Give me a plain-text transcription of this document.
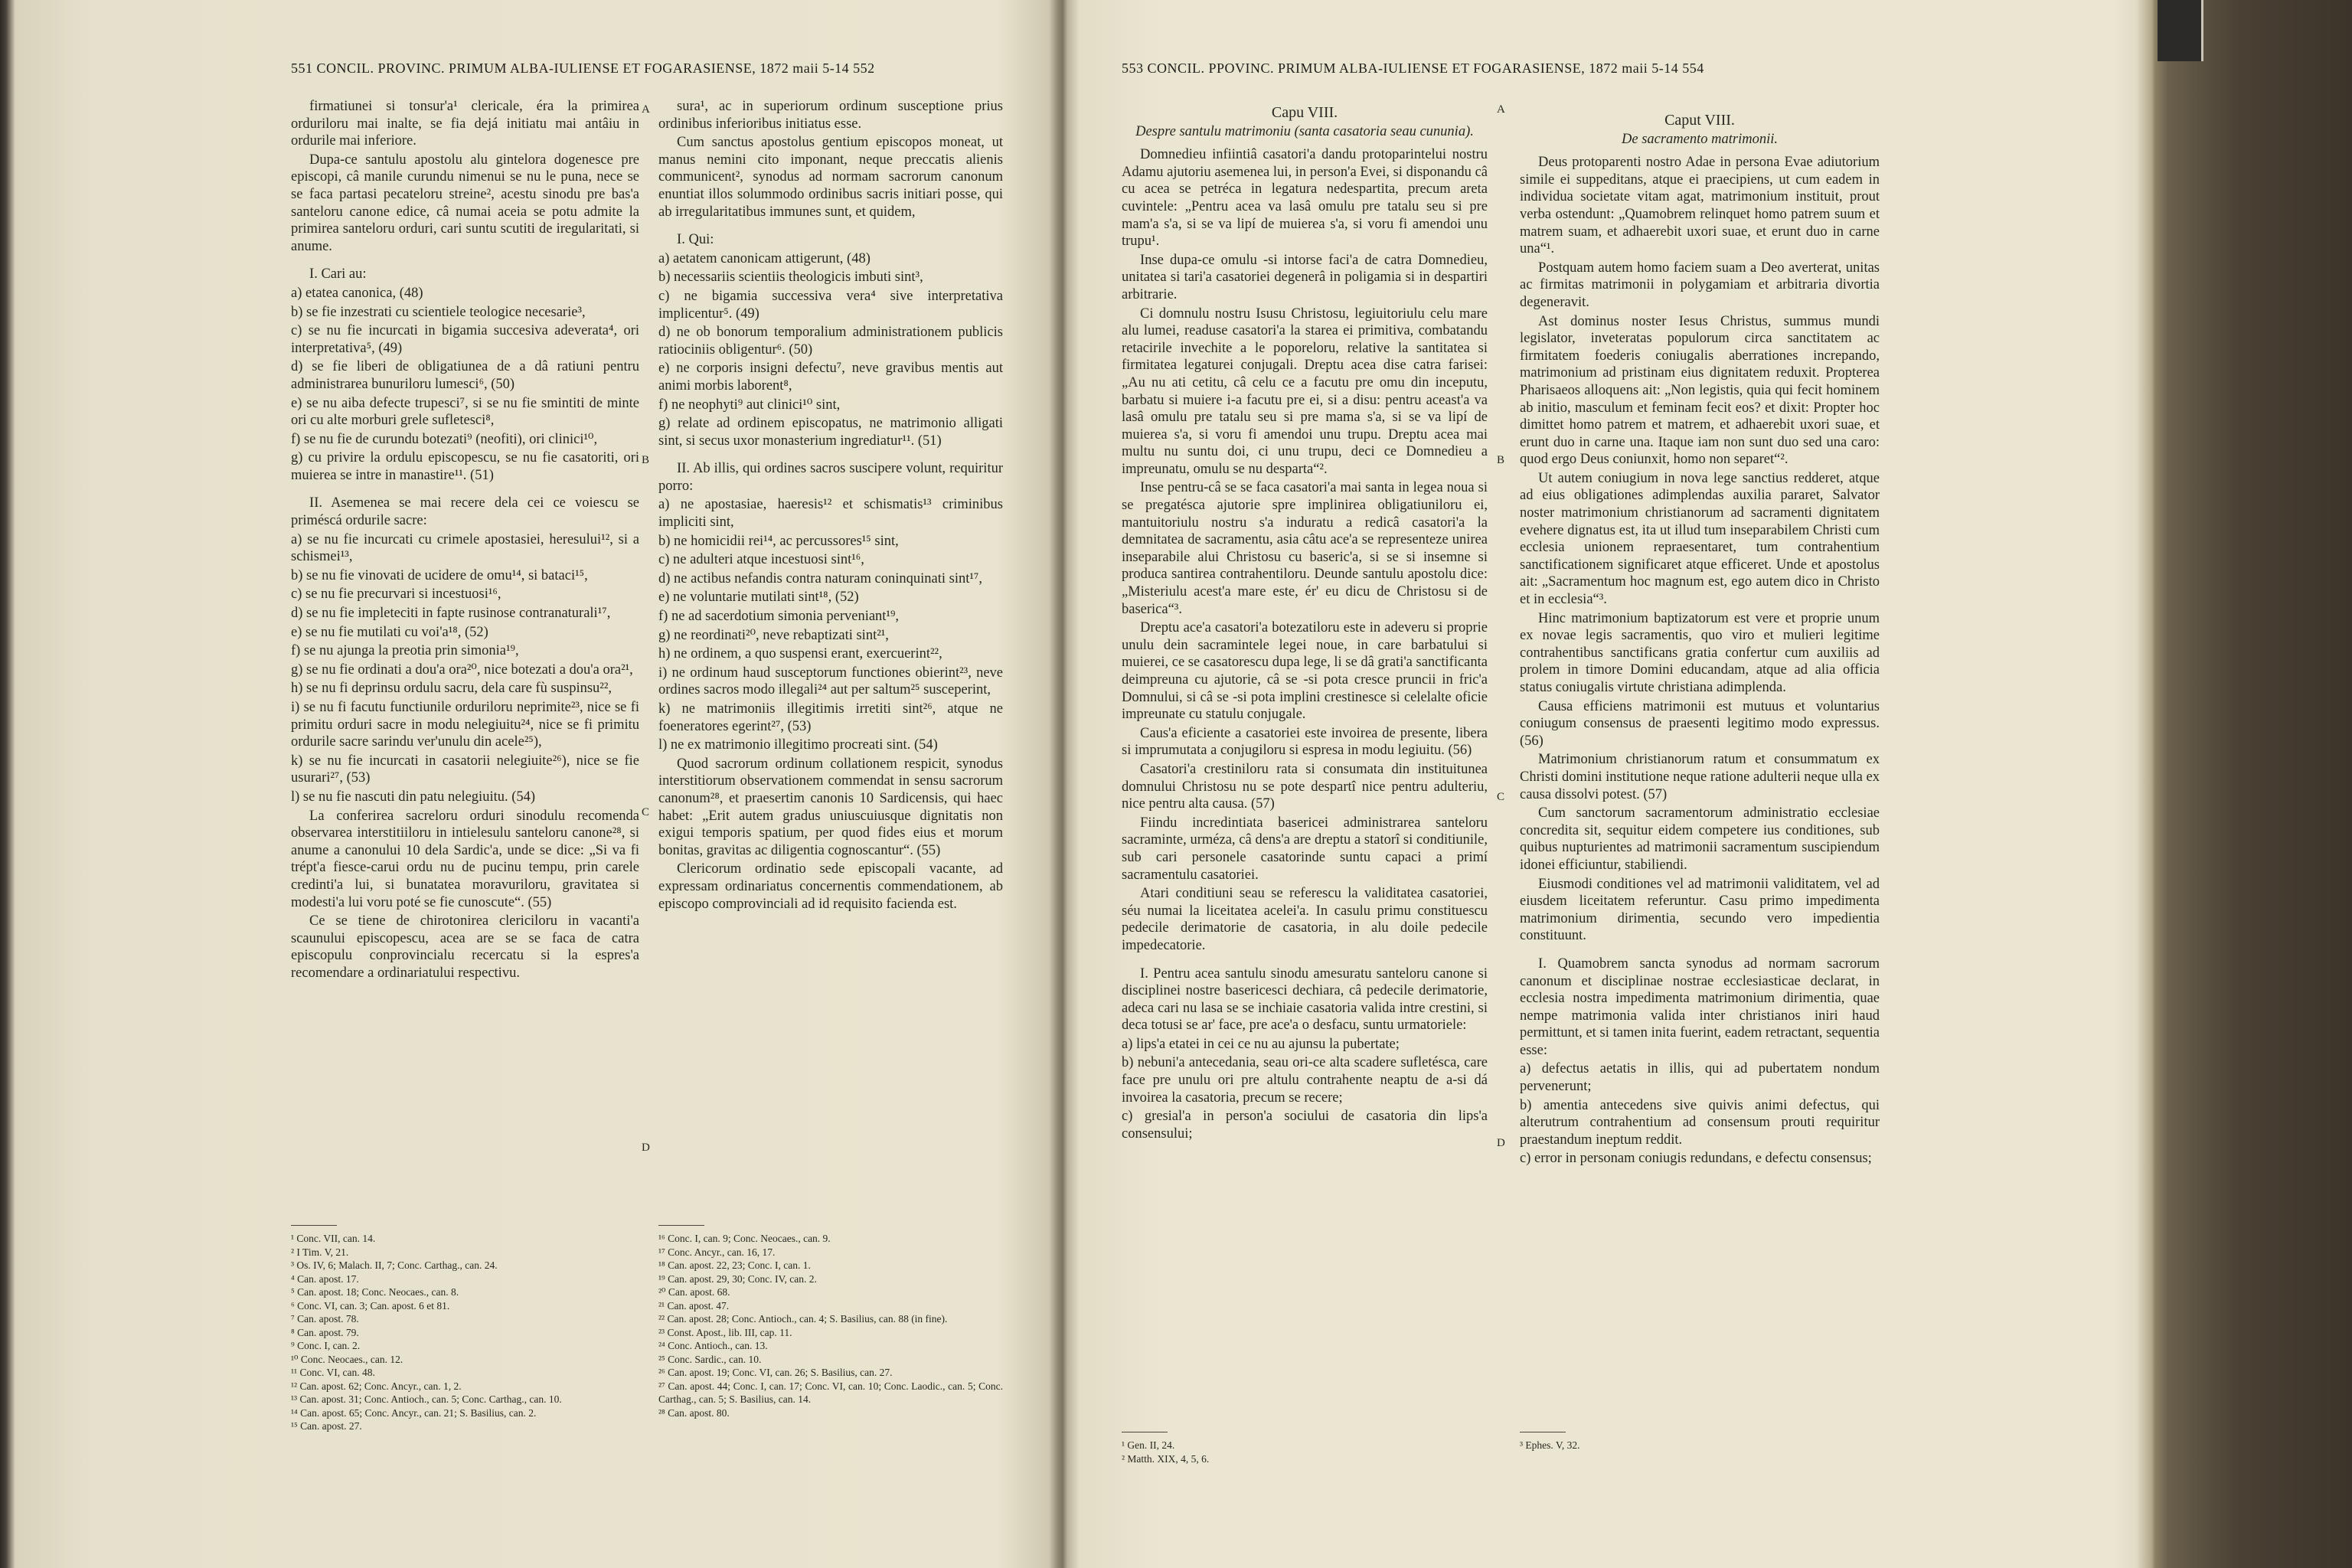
551 CONCIL. PROVINC. PRIMUM ALBA-IULIENSE ET FOGARASIENSE, 1872 maii 5-14 552

firmatiunei si tonsur'a¹ clericale, éra la primirea orduriloru mai inalte, se fia dejá initiatu mai antâiu in ordurile mai inferiore.

Dupa-ce santulu apostolu alu gintelora dogenesce pre episcopi, câ manile curundu nimenui se nu le puna, nece se se faca partasi pecateloru streine², acestu sinodu pre bas'a santeloru canone edice, câ numai aceia se potu admite la primirea santeloru orduri, cari suntu scutiti de iregularitati, si anume.

I. Cari au:

a) etatea canonica, (48)

b) se fie inzestrati cu scientiele teologice necesarie³,

c) se nu fie incurcati in bigamia succesiva adeverata⁴, ori interpretativa⁵, (49)

d) se fie liberi de obligatiunea de a dâ ratiuni pentru administrarea bunuriloru lumesci⁶, (50)

e) se nu aiba defecte trupesci⁷, si se nu fie smintiti de minte ori cu alte morburi grele sufletesci⁸,

f) se nu fie de curundu botezati⁹ (neofiti), ori clinici¹⁰,

g) cu privire la ordulu episcopescu, se nu fie casatoriti, ori muierea se intre in manastire¹¹. (51)

II. Asemenea se mai recere dela cei ce voiescu se priméscá ordurile sacre:

a) se nu fie incurcati cu crimele apostasiei, heresului¹², si a schismei¹³,

b) se nu fie vinovati de ucidere de omu¹⁴, si bataci¹⁵,

c) se nu fie precurvari si incestuosi¹⁶,

d) se nu fie impleteciti in fapte rusinose contranaturali¹⁷,

e) se nu fie mutilati cu voi'a¹⁸, (52)

f) se nu ajunga la preotia prin simonia¹⁹,

g) se nu fie ordinati a dou'a ora²⁰, nice botezati a dou'a ora²¹,

h) se nu fi deprinsu ordulu sacru, dela care fù suspinsu²²,

i) se nu fi facutu functiunile orduriloru neprimite²³, nice se fi primitu orduri sacre in modu nelegiuitu²⁴, nice se fi primitu ordurile sacre sarindu ver'unulu din acele²⁵),

k) se nu fie incurcati in casatorii nelegiuite²⁶), nice se fie usurari²⁷, (53)

l) se nu fie nascuti din patu nelegiuitu. (54)

La conferirea sacreloru orduri sinodulu recomenda observarea interstitiiloru in intielesulu santeloru canone²⁸, si anume a canonului 10 dela Sardic'a, unde se dice: „Si va fi trépt'a fiesce-carui ordu nu de pucinu tempu, prin carele credinti'a lui, si bunatatea moravuriloru, gravitatea si modesti'a lui voru poté se fie cunoscute“. (55)

Ce se tiene de chirotonirea clericiloru in vacanti'a scaunului episcopescu, acea are se se faca de catra episcopulu conprovincialu recercatu si la espres'a recomendare a ordinariatului respectivu.

sura¹, ac in superiorum ordinum susceptione prius ordinibus inferioribus initiatus esse.

Cum sanctus apostolus gentium episcopos moneat, ut manus nemini cito imponant, neque preccatis alienis communicent², synodus ad normam sacrorum canonum enuntiat illos solummodo ordinibus sacris initiari posse, qui ab irregularitatibus immunes sunt, et quidem,

I. Qui:

a) aetatem canonicam attigerunt, (48)

b) necessariis scientiis theologicis imbuti sint³,

c) ne bigamia successiva vera⁴ sive interpretativa implicentur⁵. (49)

d) ne ob bonorum temporalium administrationem publicis ratiociniis obligentur⁶. (50)

e) ne corporis insigni defectu⁷, neve gravibus mentis aut animi morbis laborent⁸,

f) ne neophyti⁹ aut clinici¹⁰ sint,

g) relate ad ordinem episcopatus, ne matrimonio alligati sint, si secus uxor monasterium ingrediatur¹¹. (51)

II. Ab illis, qui ordines sacros suscipere volunt, requiritur porro:

a) ne apostasiae, haeresis¹² et schismatis¹³ criminibus impliciti sint,

b) ne homicidii rei¹⁴, ac percussores¹⁵ sint,

c) ne adulteri atque incestuosi sint¹⁶,

d) ne actibus nefandis contra naturam coninquinati sint¹⁷,

e) ne voluntarie mutilati sint¹⁸, (52)

f) ne ad sacerdotium simonia perveniant¹⁹,

g) ne reordinati²⁰, neve rebaptizati sint²¹,

h) ne ordinem, a quo suspensi erant, exercuerint²²,

i) ne ordinum haud susceptorum functiones obierint²³, neve ordines sacros modo illegali²⁴ aut per saltum²⁵ susceperint,

k) ne matrimoniis illegitimis irretiti sint²⁶, atque ne foeneratores egerint²⁷, (53)

l) ne ex matrimonio illegitimo procreati sint. (54)

Quod sacrorum ordinum collationem respicit, synodus interstitiorum observationem commendat in sensu sacrorum canonum²⁸, et praesertim canonis 10 Sardicensis, qui haec habet: „Erit autem gradus uniuscuiusque dignitatis non exigui temporis spatium, per quod fides eius et morum bonitas, gravitas ac diligentia cognoscantur“. (55)

Clericorum ordinatio sede episcopali vacante, ad expressam ordinariatus concernentis commendationem, ab episcopo comprovinciali ad id requisito facienda est.

A
B
C
D
¹ Conc. VII, can. 14.
² I Tim. V, 21.
³ Os. IV, 6; Malach. II, 7; Conc. Carthag., can. 24.
⁴ Can. apost. 17.
⁵ Can. apost. 18; Conc. Neocaes., can. 8.
⁶ Conc. VI, can. 3; Can. apost. 6 et 81.
⁷ Can. apost. 78.
⁸ Can. apost. 79.
⁹ Conc. I, can. 2.
¹⁰ Conc. Neocaes., can. 12.
¹¹ Conc. VI, can. 48.
¹² Can. apost. 62; Conc. Ancyr., can. 1, 2.
¹³ Can. apost. 31; Conc. Antioch., can. 5; Conc. Carthag., can. 10.
¹⁴ Can. apost. 65; Conc. Ancyr., can. 21; S. Basilius, can. 2.
¹⁵ Can. apost. 27.
¹⁶ Conc. I, can. 9; Conc. Neocaes., can. 9.
¹⁷ Conc. Ancyr., can. 16, 17.
¹⁸ Can. apost. 22, 23; Conc. I, can. 1.
¹⁹ Can. apost. 29, 30; Conc. IV, can. 2.
²⁰ Can. apost. 68.
²¹ Can. apost. 47.
²² Can. apost. 28; Conc. Antioch., can. 4; S. Basilius, can. 88 (in fine).
²³ Const. Apost., lib. III, cap. 11.
²⁴ Conc. Antioch., can. 13.
²⁵ Conc. Sardic., can. 10.
²⁶ Can. apost. 19; Conc. VI, can. 26; S. Basilius, can. 27.
²⁷ Can. apost. 44; Conc. I, can. 17; Conc. VI, can. 10; Conc. Laodic., can. 5; Conc. Carthag., can. 5; S. Basilius, can. 14.
²⁸ Can. apost. 80.
553 CONCIL. PPOVINC. PRIMUM ALBA-IULIENSE ET FOGARASIENSE, 1872 maii 5-14 554

Capu VIII.

Despre santulu matrimoniu (santa casatoria seau cununia).

Domnedieu infiintiâ casatori'a dandu protoparintelui nostru Adamu ajutoriu asemenea lui, in person'a Evei, si disponandu câ cu acea se petréca in legatura nedespartita, precum areta cuvintele: „Pentru acea va lasâ omulu pre tatalu seu si pre mam'a s'a, si se va lipí de muierea s'a, si voru fi amendoi unu trupu¹.

Inse dupa-ce omulu -si intorse faci'a de catra Domnedieu, unitatea si tari'a casatoriei degenerâ in poligamia si in despartiri arbitrarie.

Ci domnulu nostru Isusu Christosu, legiuitoriulu celu mare alu lumei, readuse casatori'a la starea ei primitiva, combatandu retacirile invechite a le poporeloru, relative la santitatea si firmitatea legaturei conjugali. Dreptu acea dise catra farisei: „Au nu ati cetitu, câ celu ce a facutu pre omu din inceputu, barbatu si muiere i-a facutu pre ei, si a disu: pentru aceast'a va lasâ omulu pre tatalu seu si pre mama s'a, si se va lipí de muierea s'a, si voru fi amendoi unu trupu. Dreptu acea mai multu nu suntu doi, ci unu trupu, deci ce Domnedieu a impreunatu, omulu se nu desparta“².

Inse pentru-câ se se faca casatori'a mai santa in legea noua si se pregatésca ajutorie spre implinirea obligatiuniloru ei, mantuitoriulu nostru s'a induratu a redicâ casatori'a la demnitatea de sacramentu, asia câtu ace'a se representeze unirea inseparabile alui Christosu cu baseric'a, si se si insemne si produca santirea contrahentiloru. Deunde santulu apostolu dice: „Misteriulu acest'a mare este, ér' eu dicu de Christosu si de baserica“³.

Dreptu ace'a casatori'a botezatiloru este in adeveru si proprie unulu dein sacramintele legei noue, in care barbatului si muierei, ce se casatorescu dupa lege, li se dâ grati'a sanctificanta deimpreuna cu ajutorie, câ se -si pota cresce pruncii in fric'a Domnului, si câ se -si pota implini crestinesce si celelalte oficie impreunate cu statulu conjugale.

Caus'a eficiente a casatoriei este invoirea de presente, libera si imprumutata a conjugiloru si espresa in modu legiuitu. (56)

Casatori'a crestiniloru rata si consumata din instituitunea domnului Christosu nu se pote despartî nice pentru adulteriu, nice pentru alta causa. (57)

Fiindu incredintiata basericei administrarea santeloru sacraminte, urméza, câ dens'a are dreptu a statorî si conditiunile, sub cari personele casatorinde suntu capaci a primí sacramentulu casatoriei.

Atari conditiuni seau se referescu la validitatea casatoriei, séu numai la liceitatea acelei'a. In casulu primu constituescu pedecile derimatorie de casatoria, in alu doile pedecile impedecatorie.

I. Pentru acea santulu sinodu amesuratu santeloru canone si disciplinei nostre basericesci dechiara, câ pedecile derimatorie, adeca cari nu lasa se se inchiaie casatoria valida intre crestini, si deca totusi se ar' face, pre ace'a o desfacu, suntu urmatoriele:

a) lips'a etatei in cei ce nu au ajunsu la pubertate;

b) nebuni'a antecedania, seau ori-ce alta scadere sufletésca, care face pre unulu ori pre altulu contrahente neaptu de a-si dá invoirea la casatoria, precum se recere;

c) gresial'a in person'a sociului de casatoria din lips'a consensului;

Caput VIII.

De sacramento matrimonii.

Deus protoparenti nostro Adae in persona Evae adiutorium simile ei suppeditans, atque ei praecipiens, ut cum eadem in individua societate vitam agat, matrimonium instituit, prout verba ostendunt: „Quamobrem relinquet homo patrem suum et matrem suam, et adhaerebit uxori suae, et erunt duo in carne una“¹.

Postquam autem homo faciem suam a Deo averterat, unitas ac firmitas matrimonii in polygamiam et arbitraria divortia degeneravit.

Ast dominus noster Iesus Christus, summus mundi legislator, inveteratas populorum circa sanctitatem ac firmitatem foederis coniugalis aberrationes increpando, matrimonium ad pristinam eius dignitatem reduxit. Propterea Pharisaeos alloquens ait: „Non legistis, quia qui fecit hominem ab initio, masculum et feminam fecit eos? et dixit: Propter hoc dimittet homo patrem et matrem, et adhaerebit uxori suae, et erunt duo in carne una. Itaque iam non sunt duo sed una caro: quod ergo Deus coniunxit, homo non separet“².

Ut autem coniugium in nova lege sanctius redderet, atque ad eius obligationes adimplendas auxilia pararet, Salvator noster matrimonium christianorum ad sacramenti dignitatem evehere dignatus est, ita ut illud tum inseparabilem Christi cum ecclesia unionem repraesentaret, tum contrahentium sanctificationem significaret atque efficeret. Unde et apostolus ait: „Sacramentum hoc magnum est, ego autem dico in Christo et in ecclesia“³.

Hinc matrimonium baptizatorum est vere et proprie unum ex novae legis sacramentis, quo viro et mulieri legitime contrahentibus sanctificans gratia confertur cum auxiliis ad prolem in timore Domini educandam, atque ad alia officia status coniugalis virtute christiana adimplenda.

Causa efficiens matrimonii est mutuus et voluntarius coniugum consensus de praesenti legitimo modo expressus. (56)

Matrimonium christianorum ratum et consummatum ex Christi domini institutione neque ratione adulterii neque ulla ex causa dissolvi potest. (57)

Cum sanctorum sacramentorum administratio ecclesiae concredita sit, sequitur eidem competere ius conditiones, sub quibus nupturientes ad matrimonii sacramentum suscipiendum idonei efficiuntur, stabiliendi.

Eiusmodi conditiones vel ad matrimonii validitatem, vel ad eiusdem liceitatem referuntur. Casu primo impedimenta matrimonium dirimentia, secundo vero impedientia constituunt.

I. Quamobrem sancta synodus ad normam sacrorum canonum et disciplinae nostrae ecclesiasticae declarat, in ecclesia nostra impedimenta matrimonium dirimentia, quae nempe matrimonia valida inter christianos iniri haud permittunt, et si tamen inita fuerint, eadem retractant, sequentia esse:

a) defectus aetatis in illis, qui ad pubertatem nondum pervenerunt;

b) amentia antecedens sive quivis animi defectus, qui alterutrum contrahentium ad consensum prouti requiritur praestandum ineptum reddit.

c) error in personam coniugis redundans, e defectu consensus;

A
B
C
D
¹ Gen. II, 24.
² Matth. XIX, 4, 5, 6.
³ Ephes. V, 32.
